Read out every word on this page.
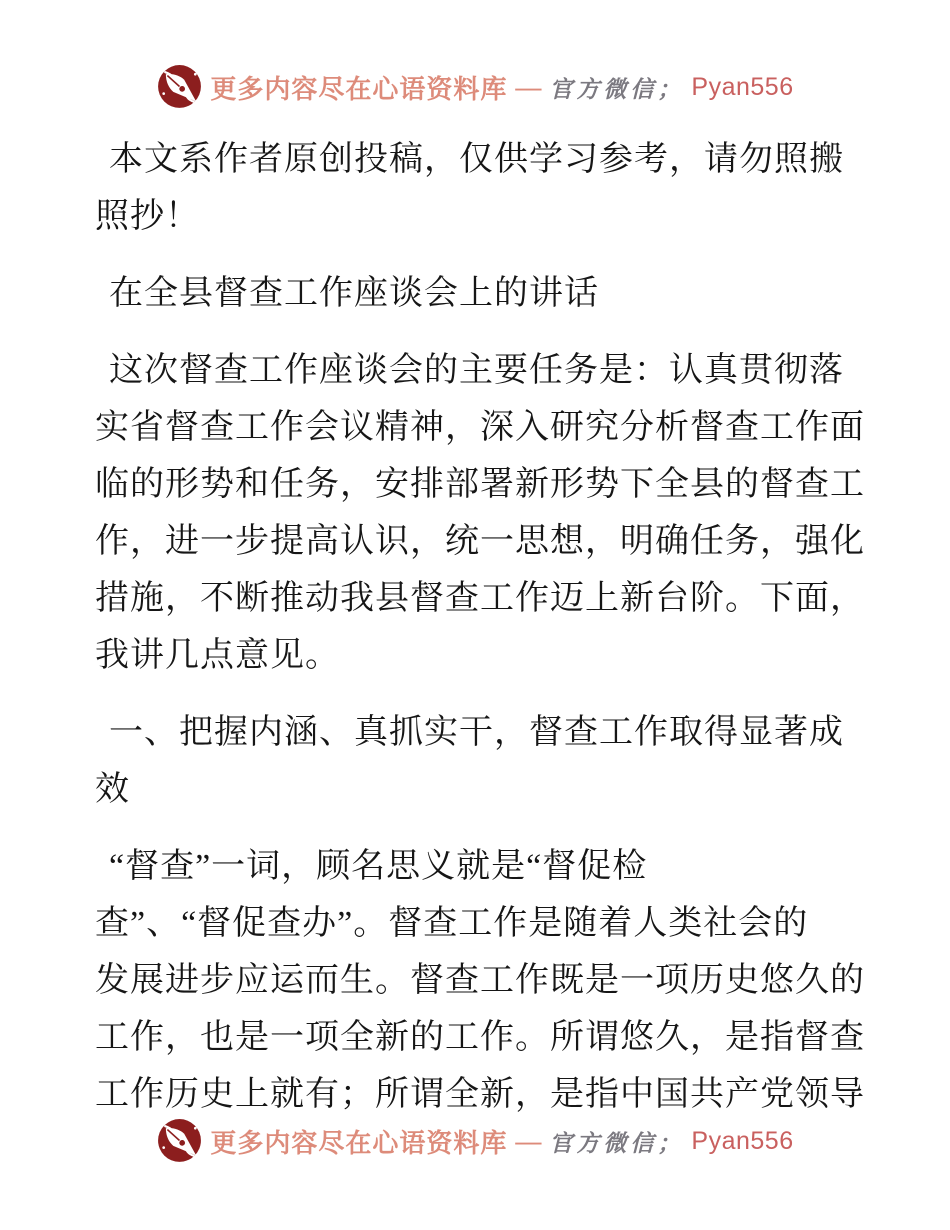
更多内容尽在心语资料库 — 官方微信； Pyan556
本文系作者原创投稿，仅供学习参考，请勿照搬
照抄！
在全县督查工作座谈会上的讲话
这次督查工作座谈会的主要任务是：认真贯彻落
实省督查工作会议精神，深入研究分析督查工作面
临的形势和任务，安排部署新形势下全县的督查工
作，进一步提高认识，统一思想，明确任务，强化
措施，不断推动我县督查工作迈上新台阶。下面，
我讲几点意见。
一、把握内涵、真抓实干，督查工作取得显著成
效
“督查”一词，顾名思义就是“督促检
查”、“督促查办”。督查工作是随着人类社会的
发展进步应运而生。督查工作既是一项历史悠久的
工作，也是一项全新的工作。所谓悠久，是指督查
工作历史上就有；所谓全新，是指中国共产党领导
更多内容尽在心语资料库 — 官方微信； Pyan556
